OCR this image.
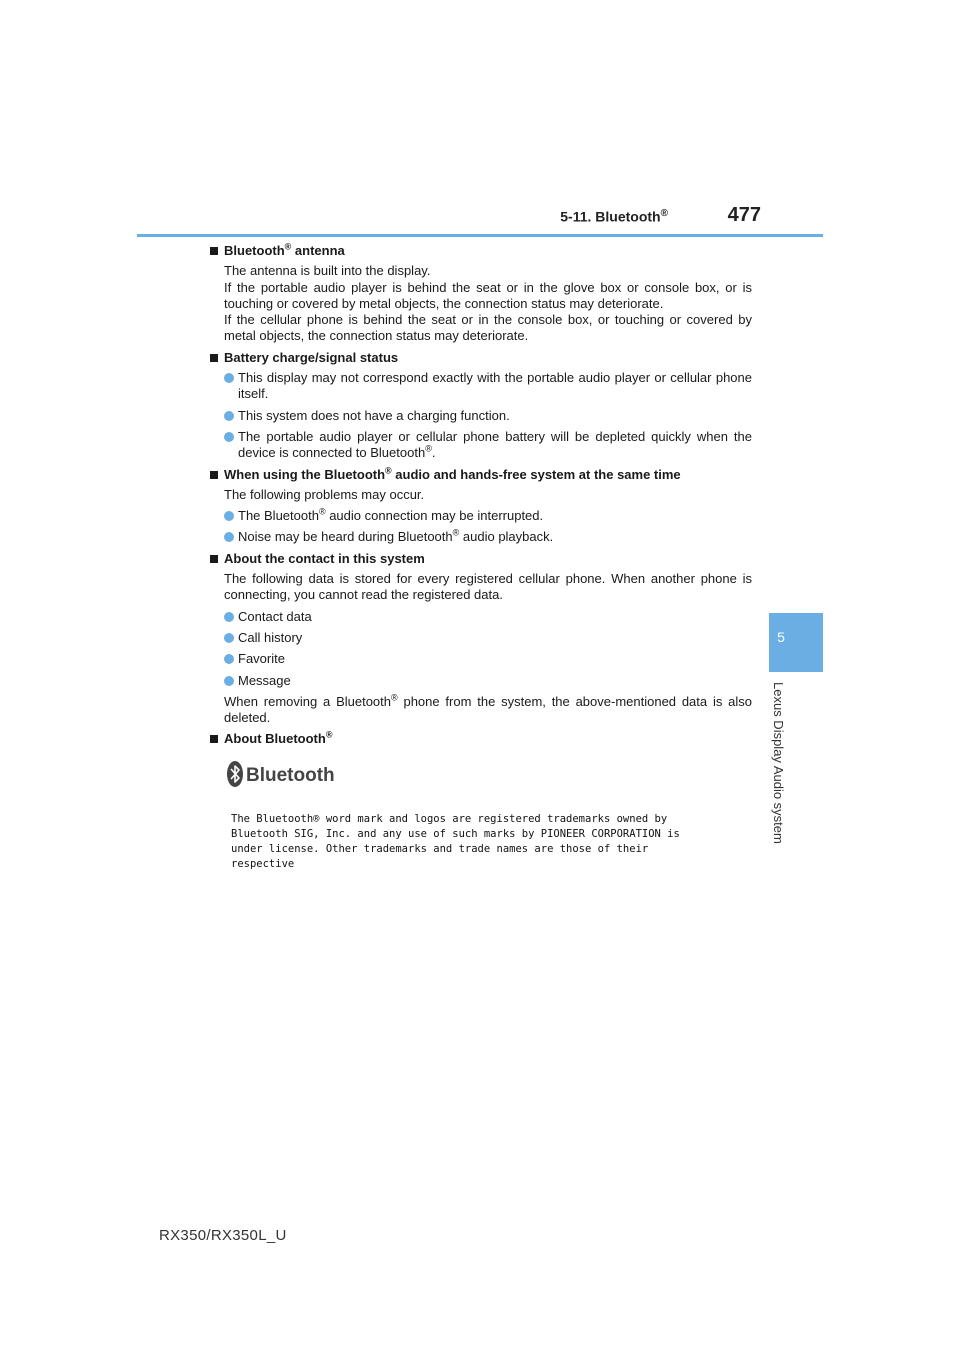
5-11. Bluetooth®	477
5
Lexus Display Audio system
Bluetooth® antenna
The antenna is built into the display.
If the portable audio player is behind the seat or in the glove box or console box, or is touching or covered by metal objects, the connection status may deteriorate.
If the cellular phone is behind the seat or in the console box, or touching or covered by metal objects, the connection status may deteriorate.
Battery charge/signal status
This display may not correspond exactly with the portable audio player or cellular phone itself.
This system does not have a charging function.
The portable audio player or cellular phone battery will be depleted quickly when the device is connected to Bluetooth®.
When using the Bluetooth® audio and hands-free system at the same time
The following problems may occur.
The Bluetooth® audio connection may be interrupted.
Noise may be heard during Bluetooth® audio playback.
About the contact in this system
The following data is stored for every registered cellular phone. When another phone is connecting, you cannot read the registered data.
Contact data
Call history
Favorite
Message
When removing a Bluetooth® phone from the system, the above-mentioned data is also deleted.
About Bluetooth®
Bluetooth
The Bluetooth® word mark and logos are registered trademarks owned by
Bluetooth SIG, Inc. and any use of such marks by PIONEER CORPORATION is
under license. Other trademarks and trade names are those of their
respective
RX350/RX350L_U
